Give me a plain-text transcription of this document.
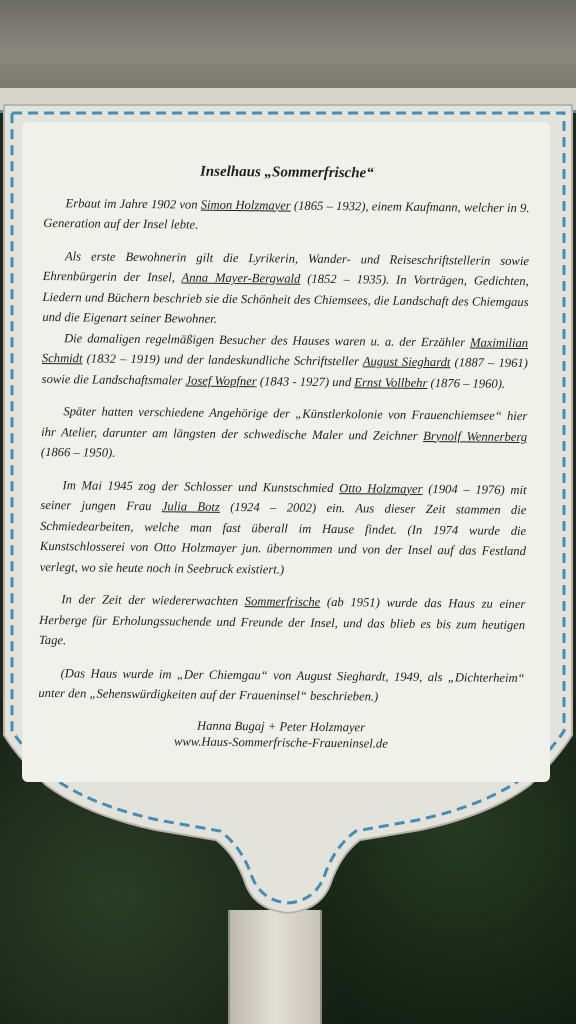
Inselhaus „Sommerfrische“

Erbaut im Jahre 1902 von Simon Holzmayer (1865 – 1932), einem Kaufmann, welcher in 9. Generation auf der Insel lebte.

Als erste Bewohnerin gilt die Lyrikerin, Wander- und Reiseschriftstellerin sowie Ehrenbürgerin der Insel, Anna Mayer-Bergwald (1852 – 1935). In Vorträgen, Gedichten, Liedern und Büchern beschrieb sie die Schönheit des Chiemsees, die Landschaft des Chiemgaus und die Eigenart seiner Bewohner.

Die damaligen regelmäßigen Besucher des Hauses waren u. a. der Erzähler Maximilian Schmidt (1832 – 1919) und der landeskundliche Schriftsteller August Sieghardt (1887 – 1961) sowie die Landschaftsmaler Josef Wopfner (1843 - 1927) und Ernst Vollbehr (1876 – 1960).

Später hatten verschiedene Angehörige der „Künstlerkolonie von Frauenchiemsee“ hier ihr Atelier, darunter am längsten der schwedische Maler und Zeichner Brynolf Wennerberg (1866 – 1950).

Im Mai 1945 zog der Schlosser und Kunstschmied Otto Holzmayer (1904 – 1976) mit seiner jungen Frau Julia Botz (1924 – 2002) ein. Aus dieser Zeit stammen die Schmiedearbeiten, welche man fast überall im Hause findet. (In 1974 wurde die Kunstschlosserei von Otto Holzmayer jun. übernommen und von der Insel auf das Festland verlegt, wo sie heute noch in Seebruck existiert.)

In der Zeit der wiedererwachten Sommerfrische (ab 1951) wurde das Haus zu einer Herberge für Erholungssuchende und Freunde der Insel, und das blieb es bis zum heutigen Tage.

(Das Haus wurde im „Der Chiemgau“ von August Sieghardt, 1949, als „Dichterheim“ unter den „Sehenswürdigkeiten auf der Fraueninsel“ beschrieben.)

Hanna Bugaj + Peter Holzmayer
www.Haus-Sommerfrische-Fraueninsel.de
